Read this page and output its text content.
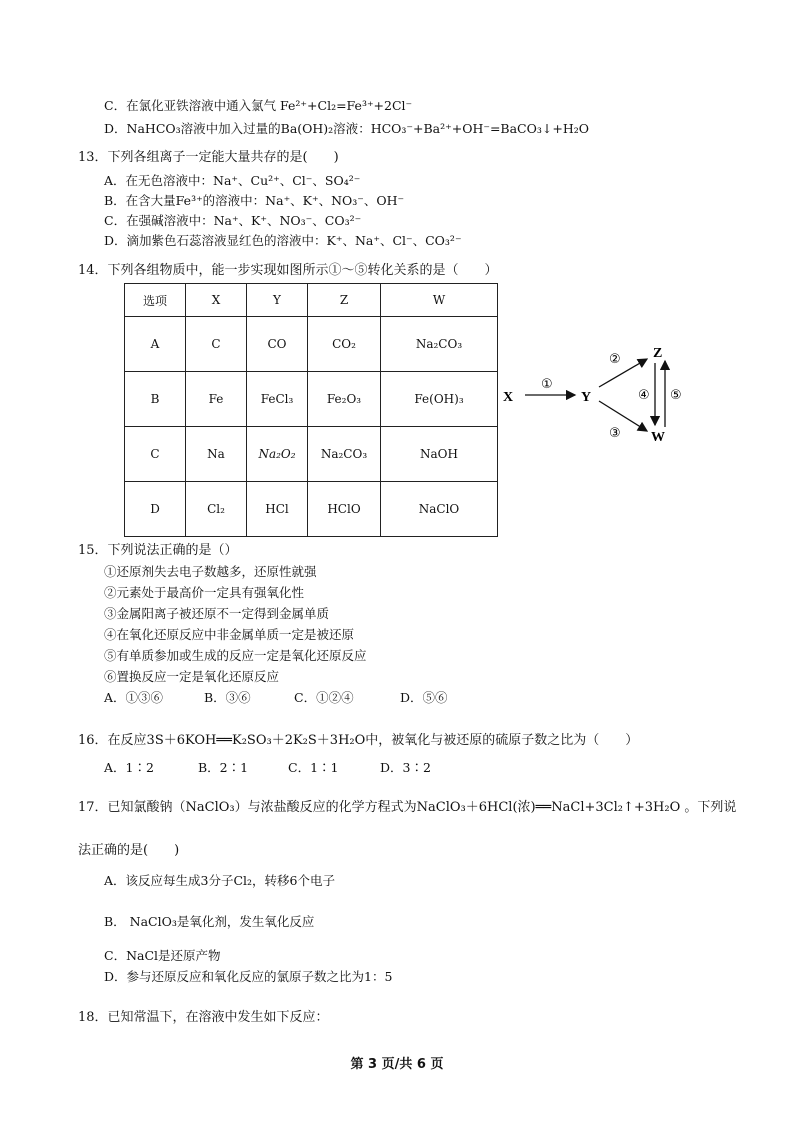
C．在氯化亚铁溶液中通入氯气 Fe²⁺+Cl₂=Fe³⁺+2Cl⁻
D．NaHCO₃溶液中加入过量的Ba(OH)₂溶液：HCO₃⁻+Ba²⁺+OH⁻=BaCO₃↓+H₂O
13．下列各组离子一定能大量共存的是(　　)
A．在无色溶液中：Na⁺、Cu²⁺、Cl⁻、SO₄²⁻
B．在含大量Fe³⁺的溶液中：Na⁺、K⁺、NO₃⁻、OH⁻
C．在强碱溶液中：Na⁺、K⁺、NO₃⁻、CO₃²⁻
D．滴加紫色石蕊溶液显红色的溶液中：K⁺、Na⁺、Cl⁻、CO₃²⁻
14．下列各组物质中，能一步实现如图所示①～⑤转化关系的是（　　）
选项	X	Y	Z	W
A	C	CO	CO₂	Na₂CO₃
B	Fe	FeCl₃	Fe₂O₃	Fe(OH)₃
C	Na	Na₂O₂	Na₂CO₃	NaOH
D	Cl₂	HCl	HClO	NaClO
X
①
Y
②
③
Z
W
④ ⑤
15．下列说法正确的是（）
①还原剂失去电子数越多，还原性就强
②元素处于最高价一定具有强氧化性
③金属阳离子被还原不一定得到金属单质
④在氧化还原反应中非金属单质一定是被还原
⑤有单质参加或生成的反应一定是氧化还原反应
⑥置换反应一定是氧化还原反应
A．①③⑥	B．③⑥	C．①②④	D．⑤⑥
16．在反应3S＋6KOH══K₂SO₃＋2K₂S＋3H₂O中，被氧化与被还原的硫原子数之比为（　　）
A．1∶2	B．2∶1	C．1∶1	D．3∶2
17．已知氯酸钠（NaClO₃）与浓盐酸反应的化学方程式为NaClO₃＋6HCl(浓)══NaCl+3Cl₂↑+3H₂O 。下列说
法正确的是(　　)
A．该反应每生成3分子Cl₂，转移6个电子
B． NaClO₃是氧化剂，发生氧化反应
C．NaCl是还原产物
D．参与还原反应和氧化反应的氯原子数之比为1：5
18．已知常温下，在溶液中发生如下反应：
第 3 页/共 6 页
